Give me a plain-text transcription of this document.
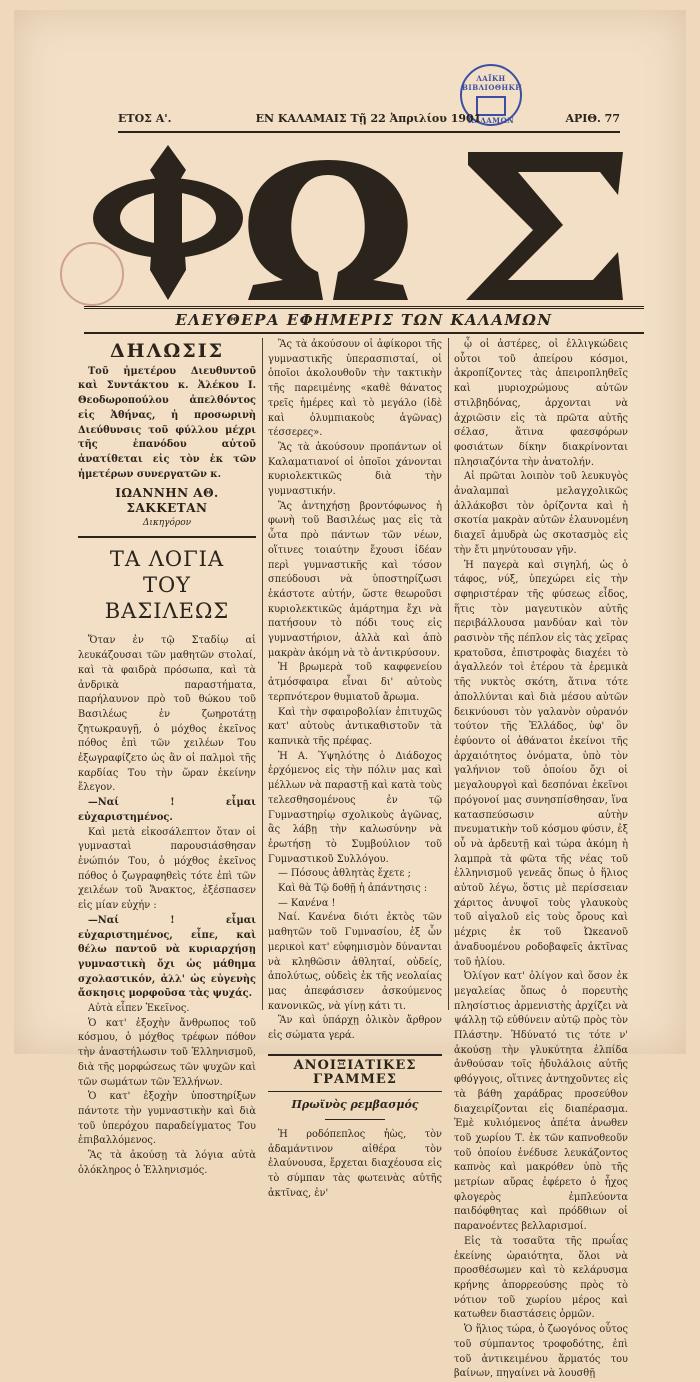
ΛΑΪΚΗ ΒΙΒΛΙΟΘΗΚΗ
ΚΑΛΑΜΩΝ
ΕΤΟΣ Α'.	ΕΝ ΚΑΛΑΜΑΙΣ Τῇ 22 Ἀπριλίου 1901	ΑΡΙΘ. 77
ΕΛΕΥΘΕΡΑ ΕΦΗΜΕΡΙΣ ΤΩΝ ΚΑΛΑΜΩΝ
ΔΗΛΩΣΙΣ

Τοῦ ἡμετέρου Διευθυντοῦ καὶ Συντάκτου κ. Ἀλέκου Ι. Θεοδωροπούλου ἀπελθόντος εἰς Ἀθήνας, ἡ προσωρινὴ Διεύθυνσις τοῦ φύλλου μέχρι τῆς ἐπανόδου αὐτοῦ ἀνατίθεται εἰς τὸν ἐκ τῶν ἡμετέρων συνεργατῶν κ.

ΙΩΑΝΝΗΝ ΑΘ. ΣΑΚΚΕΤΑΝ
Δικηγόρον
ΤΑ ΛΟΓΙΑ
ΤΟΥ ΒΑΣΙΛΕΩΣ

Ὅταν ἐν τῷ Σταδίῳ αἱ λευκάζουσαι τῶν μαθητῶν στολαί, καὶ τὰ φαιδρὰ πρόσωπα, καὶ τὰ ἀνδρικὰ παραστήματα, παρήλαυνον πρὸ τοῦ θώκου τοῦ Βασιλέως ἐν ζωηροτάτῃ ζητωκραυγῇ, ὁ μόχθος ἐκεῖνος πόθος ἐπὶ τῶν χειλέων Του ἐξωγραφίζετο ὡς ἂν οἱ παλμοὶ τῆς καρδίας Του τὴν ὥραν ἐκείνην ἔλεγον.

—Ναί ! εἶμαι εὐχαριστημένος.

Καὶ μετὰ εἰκοσάλεπτον ὅταν οἱ γυμνασταὶ παρουσιάσθησαν ἐνώπιόν Του, ὁ μόχθος ἐκεῖνος πόθος ὁ ζωγραφηθεὶς τότε ἐπὶ τῶν χειλέων τοῦ Ἄνακτος, ἐξέσπασεν εἰς μίαν εὐχήν :

—Ναί ! εἶμαι εὐχαριστημένος, εἶπε, καὶ θέλω παντοῦ νὰ κυριαρχήσῃ γυμναστικὴ ὄχι ὡς μάθημα σχολαστικόν, ἀλλ' ὡς εὐγενὴς ἄσκησις μορφοῦσα τὰς ψυχάς.

Αὐτὰ εἶπεν Ἐκεῖνος.

Ὁ κατ' ἐξοχὴν ἄνθρωπος τοῦ κόσμου, ὁ μόχθος τρέφων πόθον τὴν ἀναστήλωσιν τοῦ Ἑλληνισμοῦ, διὰ τῆς μορφώσεως τῶν ψυχῶν καὶ τῶν σωμάτων τῶν Ἑλλήνων.

Ὁ κατ' ἐξοχὴν ὑποστηρίξων πάντοτε τὴν γυμναστικὴν καὶ διὰ τοῦ ὑπερόχου παραδείγματος Του ἐπιβαλλόμενος.

Ἂς τὰ ἀκούσῃ τὰ λόγια αὐτὰ ὁλόκληρος ὁ Ἑλληνισμός.

Ἂς τὰ ἀκούσουν οἱ ἀφίκοροι τῆς γυμναστικῆς ὑπερασπισταί, οἱ ὁποῖοι ἀκολουθοῦν τὴν τακτικὴν τῆς παρειμένης «καθὲ θάνατος τρεῖς ἡμέρες καὶ τὸ μεγάλο (ἰδὲ καὶ ὀλυμπιακοὺς ἀγῶνας) τέσσερες».

Ἂς τὰ ἀκούσουν προπάντων οἱ Καλαματιανοί οἱ ὁποῖοι χάνονται κυριολεκτικῶς διὰ τὴν γυμναστικήν.

Ἂς ἀντηχήσῃ βροντόφωνος ἡ φωνὴ τοῦ Βασιλέως μας εἰς τὰ ὦτα πρὸ πάντων τῶν νέων, οἵτινες τοιαύτην ἔχουσι ἰδέαν περὶ γυμναστικῆς καὶ τόσον σπεύδουσι νὰ ὑποστηρίζωσι ἑκάστοτε αὐτήν, ὥστε θεωροῦσι κυριολεκτικῶς ἁμάρτημα ἔχι νὰ πατήσουν τὸ πόδι τους εἰς γυμναστήριον, ἀλλὰ καὶ ἀπὸ μακρὰν ἀκόμη νὰ τὸ ἀντικρύσουν.

Ἡ βρωμερὰ τοῦ καφφενείου ἀτμόσφαιρα εἶναι δι' αὐτοὺς τερπνότερον θυμιατοῦ ἄρωμα.

Καὶ τὴν σφαιροβολίαν ἐπιτυχῶς κατ' αὐτοὺς ἀντικαθιστοῦν τὰ καπνικὰ τῆς πρέφας.

Ἡ Α. Ὑψηλότης ὁ Διάδοχος ἐρχόμενος εἰς τὴν πόλιν μας καὶ μέλλων νὰ παραστῇ καὶ κατὰ τοὺς τελεσθησομένους ἐν τῷ Γυμναστηρίῳ σχολικοὺς ἀγῶνας, ἂς λάβῃ τὴν καλωσύνην νὰ ἐρωτήσῃ τὸ Συμβούλιον τοῦ Γυμναστικοῦ Συλλόγου.

— Πόσους ἀθλητὰς ἔχετε ;

Καὶ θὰ Τῷ δοθῇ ἡ ἀπάντησις :

— Κανένα !

Ναί. Κανένα διότι ἐκτὸς τῶν μαθητῶν τοῦ Γυμνασίου, ἐξ ὧν μερικοὶ κατ' εὐφημισμὸν δύνανται νὰ κληθῶσιν ἀθληταί, οὐδείς, ἀπολύτως, οὐδεὶς ἐκ τῆς νεολαίας μας ἀπεφάσισεν ἀσκούμενος κανονικῶς, νὰ γίνῃ κάτι τι.

Ἂν καὶ ὑπάρχῃ ὁλικὸν ἄρθρον εἰς σώματα γερά.

ΑΝΟΙΞΙΑΤΙΚΕΣ ΓΡΑΜΜΕΣ
Πρωϊνὸς ρεμβασμός

Ἡ ροδόπεπλος ἠὼς, τὸν ἀδαμάντινον αἰθέρα τὸν ἐλαύνουσα, ἔρχεται διαχέουσα εἰς τὸ σύμπαν τὰς φωτεινὰς αὐτῆς ἀκτῖνας, ἐν'

ᾧ οἱ ἀστέρες, οἱ ἐλλιγκώδεις οὗτοι τοῦ ἀπείρου κόσμοι, ἀκροπίζοντες τὰς ἀπειροπληθεῖς καὶ μυριοχρώμους αὐτῶν στιλβηδόνας, ἀρχονται νὰ ἀχριῶσιν εἰς τὰ πρῶτα αὐτῆς σέλασ, ἅτινα φαεσφόρων φοσιάτων δίκην διακρίνονται πλησιαζόντα τὴν ἀνατολήν.

Αἱ πρῶται λοιπὸν τοῦ λευκυγὸς ἀναλαμπαὶ μελαγχολικῶς ἀλλάκοβσι τὸν ὁρίζοντα καὶ ἡ σκοτία μακρὰν αὐτῶν ἐλαυνομένη διαχεῖ ἀμυδρὰ ὡς σκοτασμὸς εἰς τὴν ἔτι μηνύτουσαν γῆν.

Ἡ παγερὰ καὶ σιγηλή, ὡς ὁ τάφος, νύξ, ὑπεχώρει εἰς τὴν σφηριστέραν τῆς φύσεως εἶδος, ἥτις τὸν μαγευτικὸν αὐτῆς περιβάλλουσα μανδύαν καὶ τὸν ρασινὸν τῆς πέπλον εἰς τὰς χεῖρας κρατοῦσα, ἐπιστροφὰς διαχέει τὸ ἀγαλλεόν τοὶ ἑτέρου τὰ ἐρεμικὰ τῆς νυκτὸς σκότη, ἅτινα τότε ἀπολλύνται καὶ διὰ μέσου αὐτῶν δεικνύουσι τὸν γαλανὸν οὐρανόν τούτον τῆς Ἑλλάδος, ὑφ' ὃν ἐφύοντο οἱ ἀθάνατοι ἐκείνοι τῆς ἀρχαιότητος ὁνόματα, ὑπὸ τὸν γαλήνιον τοῦ ὁποίου ὄχι οἱ μεγαλουργοὶ καὶ δεσπόναι ἐκεῖνοι πρόγονοί μας συνησπίσθησαν, ἵνα κατασπεύσωσιν αὐτὴν πνευματικὴν τοῦ κόσμου φύσιν, ἐξ οὗ νὰ ἀρδευτῇ καὶ τώρα ἀκόμη ἡ λαμπρὰ τὰ φῶτα τῆς νέας τοῦ ἑλληνισμοῦ γενεᾶς ὅπως ὁ ἥλιος αὐτοῦ λέγω, ὅστις μὲ περίσσειαν χάριτος ἀνυψοῖ τοὺς γλαυκοὺς τοῦ αἰγαλοῦ εἰς τοὺς ὄρους καὶ μέχρις ἐκ τοῦ Ὠκεανοῦ ἀναδυομένου ροδοβαφεῖς ἀκτῖνας τοῦ ἡλίου.

Ὀλίγον κατ' ὀλίγον καὶ ὅσον ἐκ μεγαλείας ὅπως ὁ πορευτὴς πλησίστιος ἀρμενιστὴς ἀρχίζει νὰ ψάλλῃ τῷ εὐθύνειν αὐτῷ πρὸς τὸν Πλάστην. Ἠδύνατό τις τότε ν' ἀκούσῃ τὴν γλυκύτητα ἐλπίδα ἀνθούσαν τοῖς ἠδυλάλοις αὐτῆς φθόγγοις, οἵτινες ἀντηχοῦντες εἰς τὰ βάθη χαράδρας προσεύθον διαχειρίζονται εἰς διαπέρασμα. Ἐμὲ κυλιόμενος ἀπέτα ἀνωθεν τοῦ χωρίου Τ. ἐκ τῶν καπνοθεοῦν τοῦ ὁποίου ἐνέδυσε λευκάζοντος καπνὸς καὶ μακρόθεν ὑπὸ τῆς μετρίων αὔρας ἐφέρετο ὁ ἦχος φλογερὸς ἐμπλεύοντα παιδόφθητας καὶ πρόδθιων οἱ παρανοέντες βελλαρισμοί.

Εἰς τὰ τοσαῦτα τῆς πρωΐας ἐκείνης ὡραιότητα, ὅλοι νὰ προσθέσωμεν καὶ τὸ κελάρυσμα κρήνης ἀπορρεούσης πρὸς τὸ νότιον τοῦ χωρίου μέρος καὶ κατωθεν διαστάσεις ὁρμῶν.

Ὁ ἥλιος τώρα, ὁ ζωογόνος οὗτος τοῦ σύμπαντος τροφοδότης, ἐπὶ τοῦ ἀντικειμένου ἅρματός του βαίνων, πηγαίνει νὰ λουσθῇ
